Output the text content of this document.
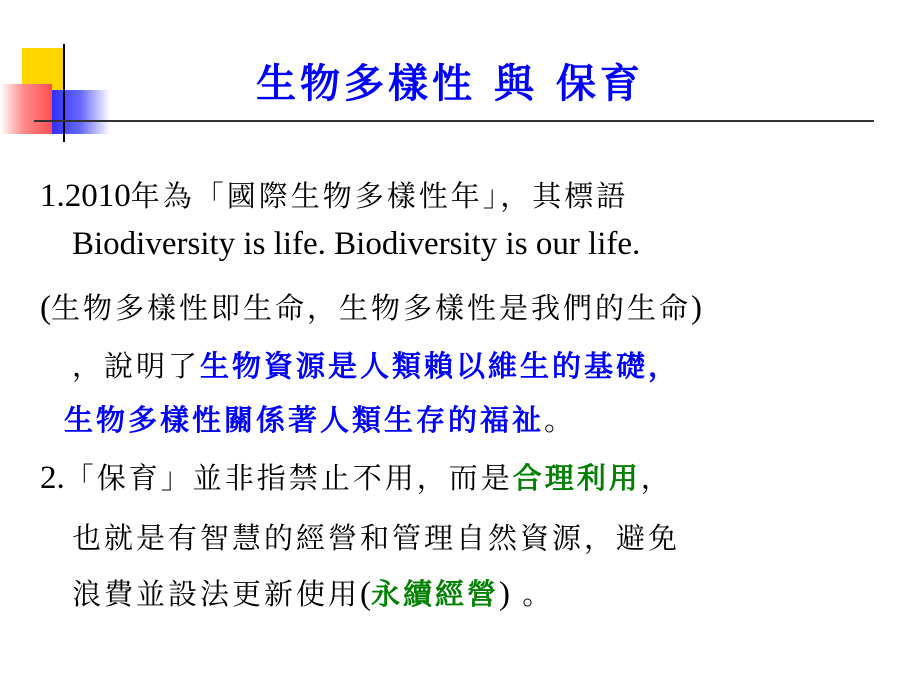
生物多樣性 與 保育
1.2010年為「國際生物多樣性年」，其標語
Biodiversity is life. Biodiversity is our life.
(生物多樣性即生命，生物多樣性是我們的生命)
，說明了生物資源是人類賴以維生的基礎，
生物多樣性關係著人類生存的福祉。
2.「保育」並非指禁止不用，而是合理利用，
也就是有智慧的經營和管理自然資源，避免
浪費並設法更新使用(永續經營) 。
